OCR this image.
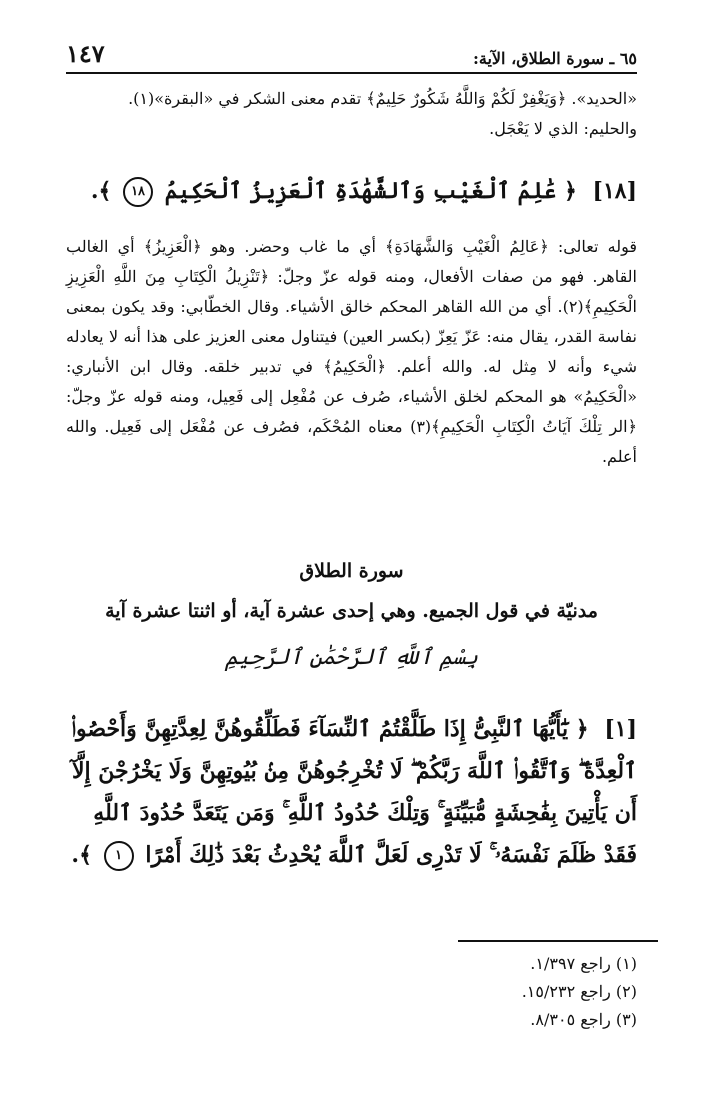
١٤٧	٦٥ ـ سورة الطلاق، الآية:

«الحديد». ﴿وَيَغْفِرْ لَكُمْ وَاللَّهُ شَكُورٌ حَلِيمٌ﴾ تقدم معنى الشكر في «البقرة»(١).

والحليم: الذي لا يَعْجَل.

[١٨] ﴿ عَٰلِمُ ٱلْغَيْبِ وَٱلشَّهَٰدَةِ ٱلْعَزِيزُ ٱلْحَكِيمُ ١٨ ﴾.

قوله تعالى: ﴿عَالِمُ الْغَيْبِ وَالشَّهَادَةِ﴾ أي ما غاب وحضر. وهو ﴿الْعَزِيزُ﴾ أي الغالب القاهر. فهو من صفات الأفعال، ومنه قوله عزّ وجلّ: ﴿تَنْزِيلُ الْكِتَابِ مِنَ اللَّهِ الْعَزِيزِ الْحَكِيمِ﴾(٢). أي من الله القاهر المحكم خالق الأشياء. وقال الخطّابي: وقد يكون بمعنى نفاسة القدر، يقال منه: عَزّ يَعِزّ (بكسر العين) فيتناول معنى العزيز على هذا أنه لا يعادله شيء وأنه لا مِثل له. والله أعلم. ﴿الْحَكِيمُ﴾ في تدبير خلقه. وقال ابن الأنباري: «الْحَكِيمُ» هو المحكم لخلق الأشياء، صُرف عن مُفْعِل إلى فَعِيل، ومنه قوله عزّ وجلّ: ﴿الر تِلْكَ آيَاتُ الْكِتَابِ الْحَكِيمِ﴾(٣) معناه المُحْكَم، فصُرف عن مُفْعَل إلى فَعِيل. والله أعلم.

سورة الطلاق
مدنيّة في قول الجميع. وهي إحدى عشرة آية، أو اثنتا عشرة آية
بِسْمِ ٱللَّهِ ٱلرَّحْمَٰنِ ٱلرَّحِيمِ
[١] ﴿ يَٰٓأَيُّهَا ٱلنَّبِىُّ إِذَا طَلَّقْتُمُ ٱلنِّسَآءَ فَطَلِّقُوهُنَّ لِعِدَّتِهِنَّ وَأَحْصُوا۟ ٱلْعِدَّةَ ۖ وَٱتَّقُوا۟ ٱللَّهَ رَبَّكُمْ ۖ لَا تُخْرِجُوهُنَّ مِنۢ بُيُوتِهِنَّ وَلَا يَخْرُجْنَ إِلَّآ أَن يَأْتِينَ بِفَٰحِشَةٍ مُّبَيِّنَةٍ ۚ وَتِلْكَ حُدُودُ ٱللَّهِ ۚ وَمَن يَتَعَدَّ حُدُودَ ٱللَّهِ فَقَدْ ظَلَمَ نَفْسَهُۥ ۚ لَا تَدْرِى لَعَلَّ ٱللَّهَ يُحْدِثُ بَعْدَ ذَٰلِكَ أَمْرًا ١ ﴾.
(١) راجع ١/٣٩٧.
(٢) راجع ١٥/٢٣٢.
(٣) راجع ٨/٣٠٥.
